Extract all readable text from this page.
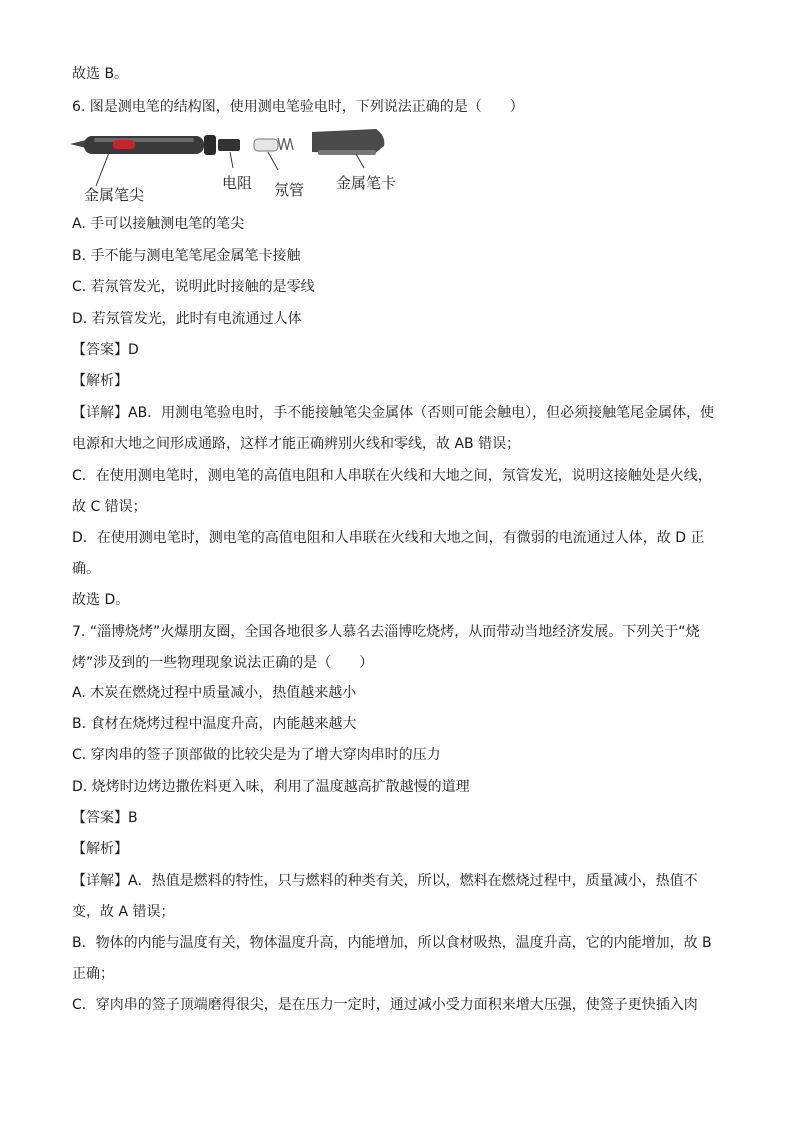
故选 B。
6. 图是测电笔的结构图，使用测电笔验电时，下列说法正确的是（　　）
金属笔尖
电阻 氖管 金属笔卡
A. 手可以接触测电笔的笔尖
B. 手不能与测电笔笔尾金属笔卡接触
C. 若氖管发光，说明此时接触的是零线
D. 若氖管发光，此时有电流通过人体
【答案】D
【解析】
【详解】AB．用测电笔验电时，手不能接触笔尖金属体（否则可能会触电），但必须接触笔尾金属体，使
电源和大地之间形成通路，这样才能正确辨别火线和零线，故 AB 错误；
C．在使用测电笔时，测电笔的高值电阻和人串联在火线和大地之间，氖管发光，说明这接触处是火线，
故 C 错误；
D．在使用测电笔时，测电笔的高值电阻和人串联在火线和大地之间，有微弱的电流通过人体，故 D 正
确。
故选 D。
7. “淄博烧烤”火爆朋友圈，全国各地很多人慕名去淄博吃烧烤，从而带动当地经济发展。下列关于“烧
烤”涉及到的一些物理现象说法正确的是（　　）
A. 木炭在燃烧过程中质量减小，热值越来越小
B. 食材在烧烤过程中温度升高，内能越来越大
C. 穿肉串的签子顶部做的比较尖是为了增大穿肉串时的压力
D. 烧烤时边烤边撒佐料更入味，利用了温度越高扩散越慢的道理
【答案】B
【解析】
【详解】A．热值是燃料的特性，只与燃料的种类有关，所以，燃料在燃烧过程中，质量减小，热值不
变，故 A 错误；
B．物体的内能与温度有关，物体温度升高，内能增加，所以食材吸热，温度升高，它的内能增加，故 B
正确；
C．穿肉串的签子顶端磨得很尖，是在压力一定时，通过减小受力面积来增大压强，使签子更快插入肉
